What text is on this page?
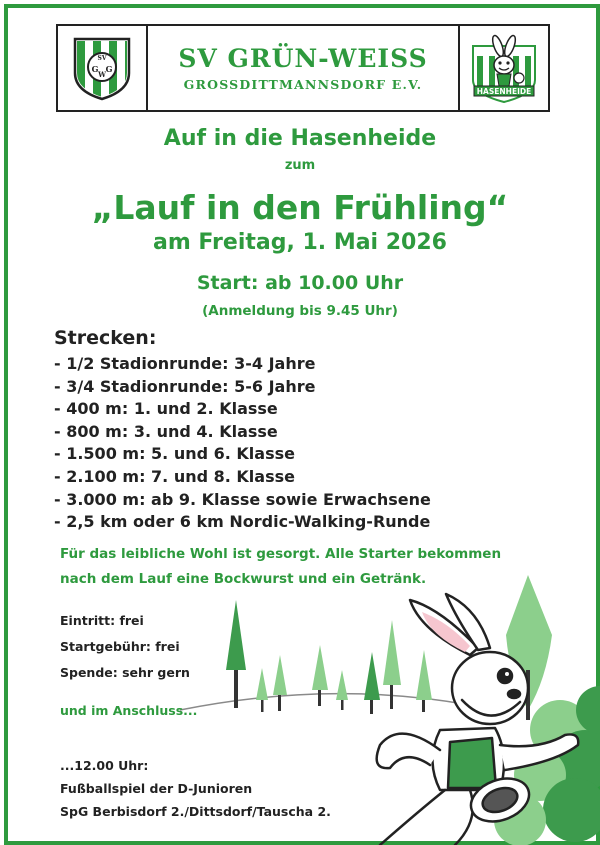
SV
G
W
G	SV GRÜN-WEISS
GROSSDITTMANNSDORF E.V.	HASENHEIDE
Auf in die Hasenheide
zum
„Lauf in den Frühling“
am Freitag, 1. Mai 2026
Start: ab 10.00 Uhr
(Anmeldung bis 9.45 Uhr)
Strecken:
- 1/2 Stadionrunde: 3-4 Jahre
- 3/4 Stadionrunde: 5-6 Jahre
- 400 m: 1. und 2. Klasse
- 800 m: 3. und 4. Klasse
- 1.500 m: 5. und 6. Klasse
- 2.100 m: 7. und 8. Klasse
- 3.000 m: ab 9. Klasse sowie Erwachsene
- 2,5 km oder 6 km Nordic-Walking-Runde
Für das leibliche Wohl ist gesorgt. Alle Starter bekommen
nach dem Lauf eine Bockwurst und ein Getränk.
Eintritt: frei
Startgebühr: frei
Spende: sehr gern
und im Anschluss...
...12.00 Uhr:
Fußballspiel der D-Junioren
SpG Berbisdorf 2./Dittsdorf/Tauscha 2.
